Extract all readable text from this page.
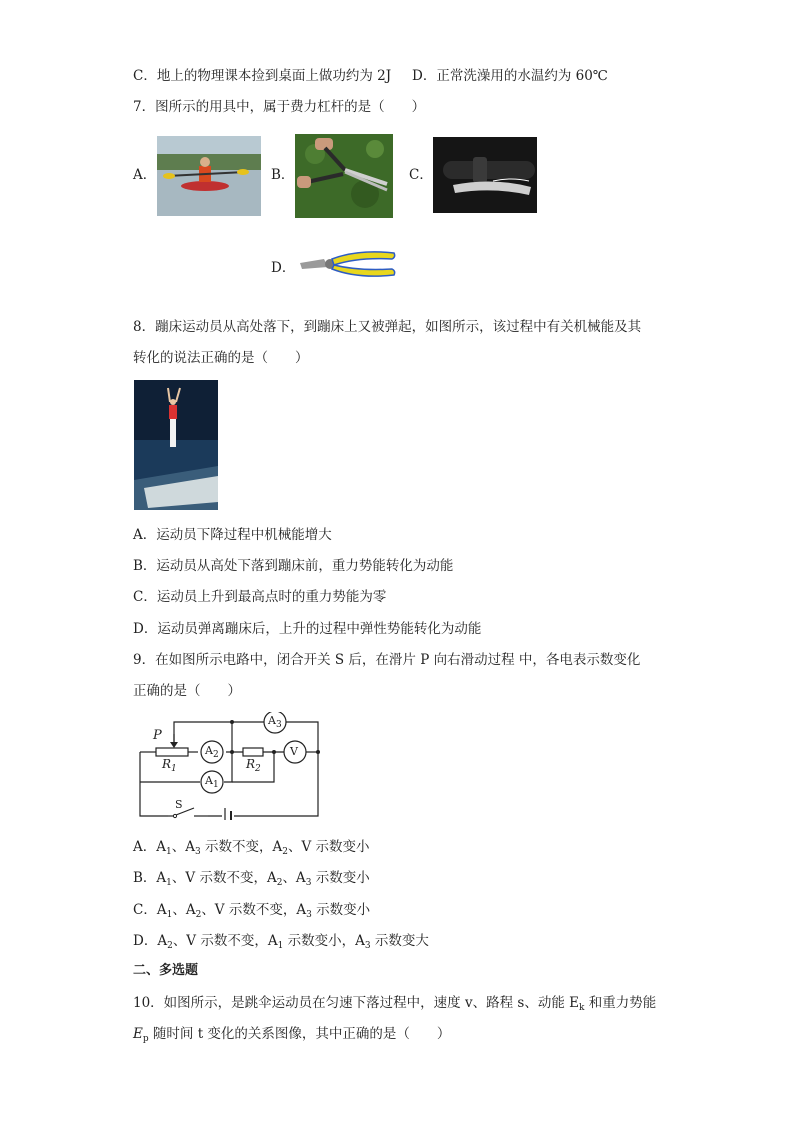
C．地上的物理课本捡到桌面上做功约为 2J D．正常洗澡用的水温约为 60℃
7．图所示的用具中，属于费力杠杆的是（　　）
A．	B．	C．
D．
8．蹦床运动员从高处落下，到蹦床上又被弹起，如图所示，该过程中有关机械能及其
转化的说法正确的是（　　）
A．运动员下降过程中机械能增大
B．运动员从高处下落到蹦床前，重力势能转化为动能
C．运动员上升到最高点时的重力势能为零
D．运动员弹离蹦床后，上升的过程中弹性势能转化为动能
9．在如图所示电路中，闭合开关 S 后，在滑片 P 向右滑动过程 中，各电表示数变化
正确的是（　　）
P
$R_1$	$R_2$
$A_2$
$A_3$
$A_1$
V
S
A．$A_1$、$A_3$ 示数不变，$A_2$、V 示数变小
B．$A_1$、V 示数不变，$A_2$、$A_3$ 示数变小
C．$A_1$、$A_2$、V 示数不变，$A_3$ 示数变小
D．$A_2$、V 示数不变，$A_1$ 示数变小，$A_3$ 示数变大
二、多选题
10．如图所示，是跳伞运动员在匀速下落过程中，速度 v、路程 s、动能 $E_k$ 和重力势能
$E_p$ 随时间 t 变化的关系图像，其中正确的是（　　）
